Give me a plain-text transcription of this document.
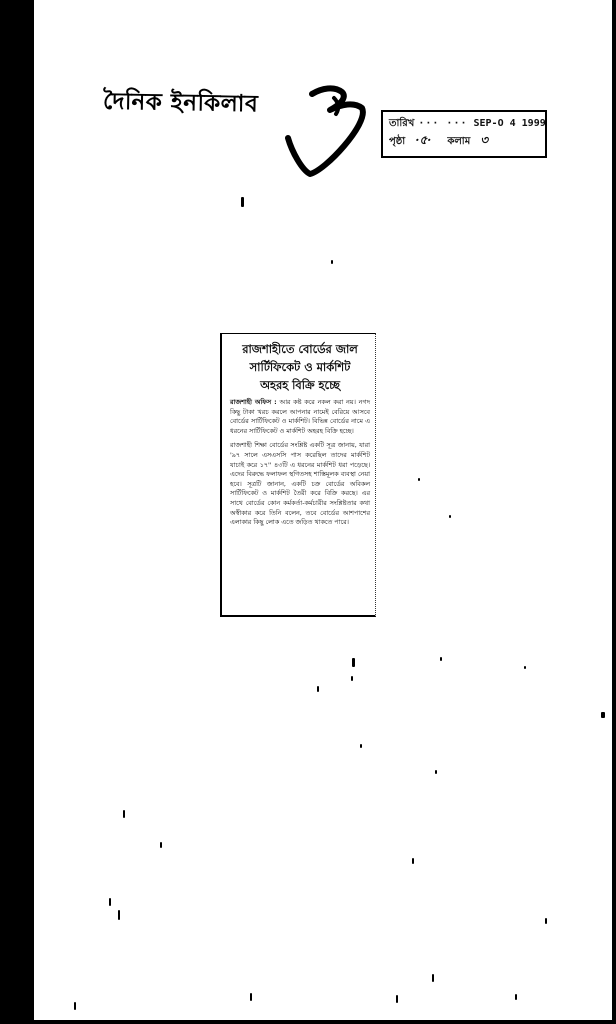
দৈনিক ইনকিলাব
তারিখ ··· ··· SEP-O 4 1999
পৃষ্ঠা ·৫· কলাম ৩
রাজশাহীতে বোর্ডের জাল
সার্টিফিকেট ও মার্কশিট
অহরহ বিক্রি হচ্ছে

রাজশাহী অফিস : আর কষ্ট করে নকল করা নয়। নগদ কিছু টাকা খরচ করলে আপনার নামেই বেরিয়ে আসবে বোর্ডের সার্টিফিকেট ও মার্কশিট। বিভিন্ন বোর্ডের নামে এ ধরনের সার্টিফিকেট ও মার্কশিট অহরহ বিক্রি হচ্ছে।

রাজশাহী শিক্ষা বোর্ডের সংশ্লিষ্ট একটি সূত্র জানায়, যারা '৯৭ সালে এসএসসি পাস করেছিল তাদের মার্কশিট যাচাই করে ১৭'' ৪৩টি এ ধরনের মার্কশিট ধরা পড়েছে। এদের বিরুদ্ধে ফলাফল স্থগিতসহ শাস্তিমূলক ব্যবস্থা নেয়া হবে। সূত্রটি জানান, একটি চক্র বোর্ডের অবিকল সার্টিফিকেট ও মার্কশিট তৈরী করে বিক্রি করছে। এর সাথে বোর্ডের কোন কর্মকর্তা-কর্মচারীর সংশ্লিষ্টতার কথা অস্বীকার করে তিনি বলেন, তবে বোর্ডের আশপাশের এলাকার কিছু লোক এতে জড়িত থাকতে পারে।
